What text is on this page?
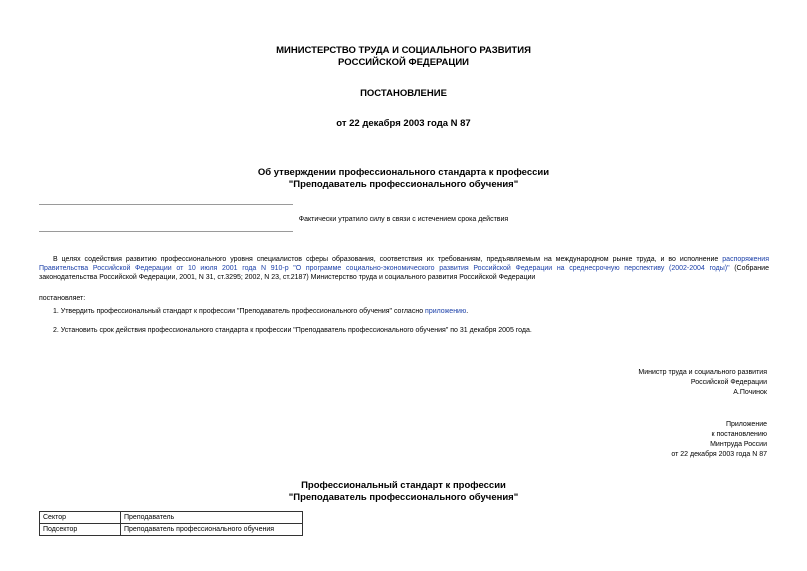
МИНИСТЕРСТВО ТРУДА И СОЦИАЛЬНОГО РАЗВИТИЯ
РОССИЙСКОЙ ФЕДЕРАЦИИ
ПОСТАНОВЛЕНИЕ
от 22 декабря 2003 года N 87
Об утверждении профессионального стандарта к профессии
"Преподаватель профессионального обучения"
Фактически утратило силу в связи с истечением срока действия
В целях содействия развитию профессионального уровня специалистов сферы образования, соответствия их требованиям, предъявляемым на международном рынке труда, и во исполнение распоряжения Правительства Российской Федерации от 10 июля 2001 года N 910-р "О программе социально-экономического развития Российской Федерации на среднесрочную перспективу (2002-2004 годы)" (Собрание законодательства Российской Федерации, 2001, N 31, ст.3295; 2002, N 23, ст.2187) Министерство труда и социального развития Российской Федерации
постановляет:
1. Утвердить профессиональный стандарт к профессии "Преподаватель профессионального обучения" согласно приложению.
2. Установить срок действия профессионального стандарта к профессии "Преподаватель профессионального обучения" по 31 декабря 2005 года.
Министр труда и социального развития
Российской Федерации
А.Починок
Приложение
к постановлению
Минтруда России
от 22 декабря 2003 года N 87
Профессиональный стандарт к профессии
"Преподаватель профессионального обучения"
Сектор	Преподаватель
Подсектор	Преподаватель профессионального обучения
